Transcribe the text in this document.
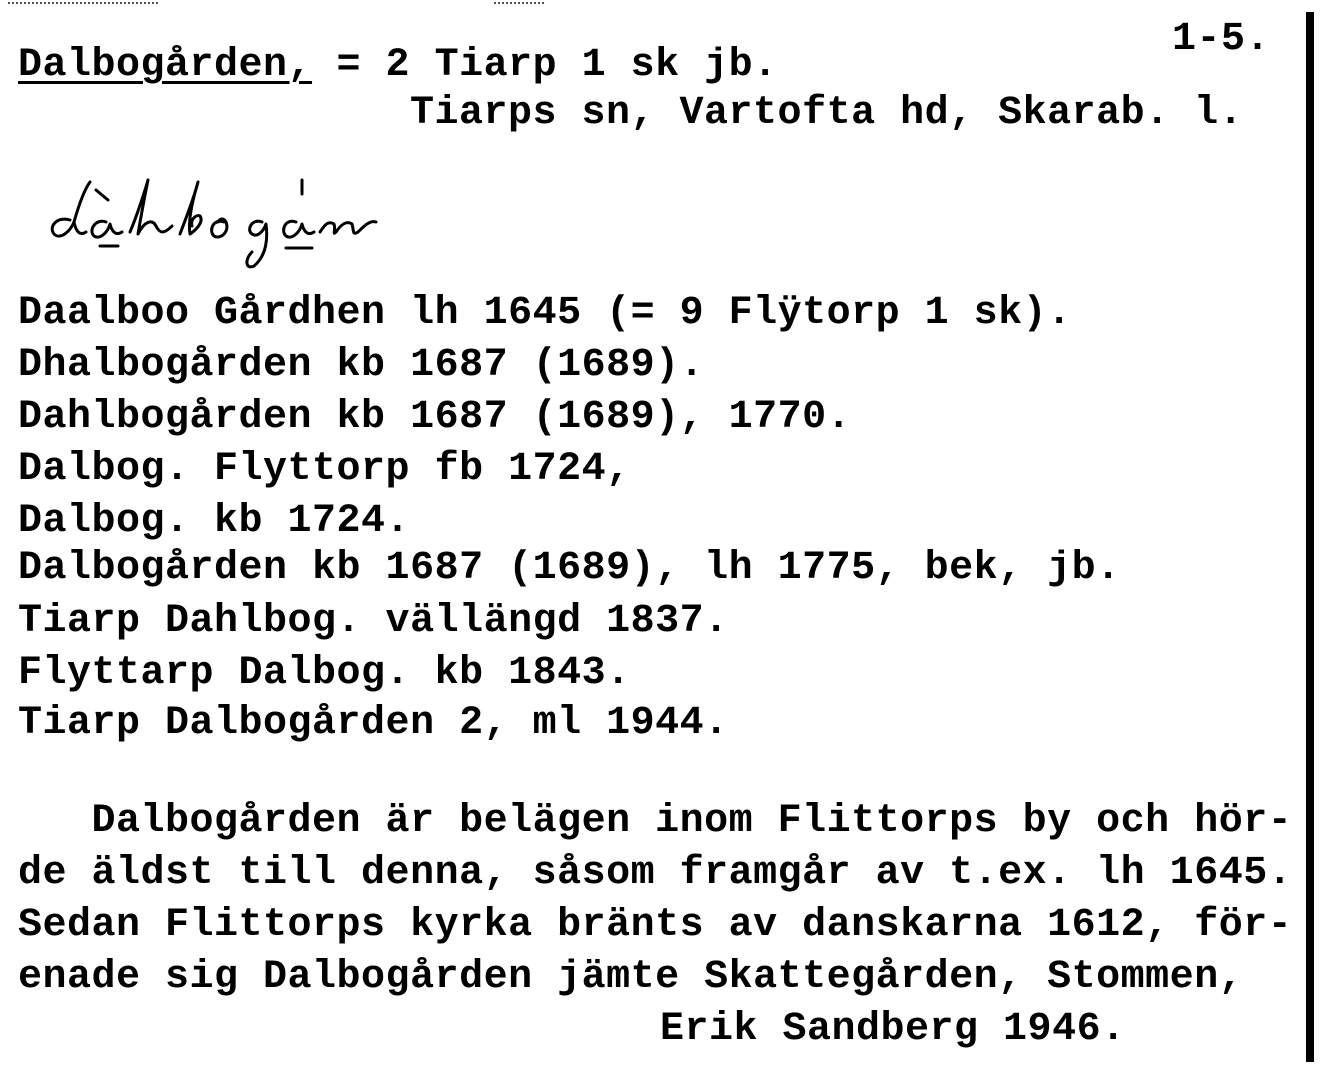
1-5.
Dalbogården, = 2 Tiarp 1 sk jb.
Tiarps sn, Vartofta hd, Skarab. l.
Daalboo Gårdhen lh 1645 (= 9 Flÿtorp 1 sk).
Dhalbogården kb 1687 (1689).
Dahlbogården kb 1687 (1689), 1770.
Dalbog. Flyttorp fb 1724,
Dalbog. kb 1724.
Dalbogården kb 1687 (1689), lh 1775, bek, jb.
Tiarp Dahlbog. vällängd 1837.
Flyttarp Dalbog. kb 1843.
Tiarp Dalbogården 2, ml 1944.
Dalbogården är belägen inom Flittorps by och hör-
de äldst till denna, såsom framgår av t.ex. lh 1645.
Sedan Flittorps kyrka bränts av danskarna 1612, för-
enade sig Dalbogården jämte Skattegården, Stommen,
Erik Sandberg 1946.
